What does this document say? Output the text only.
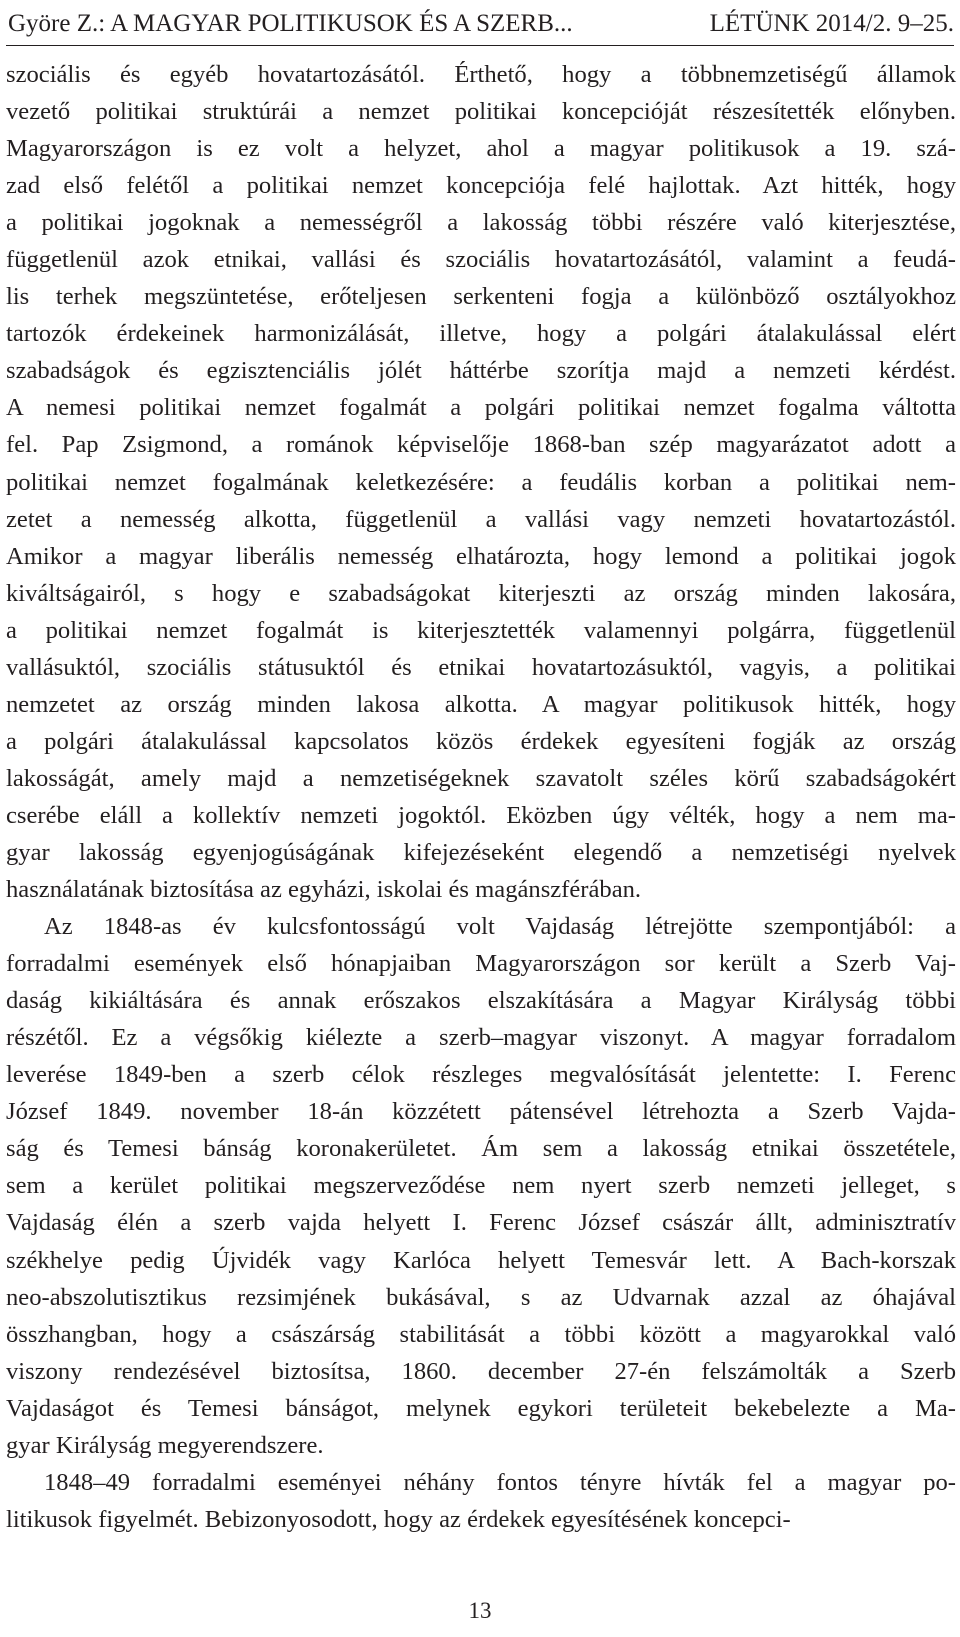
Györe Z.: A MAGYAR POLITIKUSOK ÉS A SZERB...	LÉTÜNK 2014/2. 9–25.
szociális és egyéb hovatartozásától. Érthető, hogy a többnemzetiségű államok
vezető politikai struktúrái a nemzet politikai koncepcióját részesítették előnyben.
Magyarországon is ez volt a helyzet, ahol a magyar politikusok a 19. szá-
zad első felétől a politikai nemzet koncepciója felé hajlottak. Azt hitték, hogy
a politikai jogoknak a nemességről a lakosság többi részére való kiterjesztése,
függetlenül azok etnikai, vallási és szociális hovatartozásától, valamint a feudá-
lis terhek megszüntetése, erőteljesen serkenteni fogja a különböző osztályokhoz
tartozók érdekeinek harmonizálását, illetve, hogy a polgári átalakulással elért
szabadságok és egzisztenciális jólét háttérbe szorítja majd a nemzeti kérdést.
A nemesi politikai nemzet fogalmát a polgári politikai nemzet fogalma váltotta
fel. Pap Zsigmond, a románok képviselője 1868-ban szép magyarázatot adott a
politikai nemzet fogalmának keletkezésére: a feudális korban a politikai nem-
zetet a nemesség alkotta, függetlenül a vallási vagy nemzeti hovatartozástól.
Amikor a magyar liberális nemesség elhatározta, hogy lemond a politikai jogok
kiváltságairól, s hogy e szabadságokat kiterjeszti az ország minden lakosára,
a politikai nemzet fogalmát is kiterjesztették valamennyi polgárra, függetlenül
vallásuktól, szociális státusuktól és etnikai hovatartozásuktól, vagyis, a politikai
nemzetet az ország minden lakosa alkotta. A magyar politikusok hitték, hogy
a polgári átalakulással kapcsolatos közös érdekek egyesíteni fogják az ország
lakosságát, amely majd a nemzetiségeknek szavatolt széles körű szabadságokért
cserébe eláll a kollektív nemzeti jogoktól. Eközben úgy vélték, hogy a nem ma-
gyar lakosság egyenjogúságának kifejezéseként elegendő a nemzetiségi nyelvek
használatának biztosítása az egyházi, iskolai és magánszférában.
Az 1848-as év kulcsfontosságú volt Vajdaság létrejötte szempontjából: a
forradalmi események első hónapjaiban Magyarországon sor került a Szerb Vaj-
daság kikiáltására és annak erőszakos elszakítására a Magyar Királyság többi
részétől. Ez a végsőkig kiélezte a szerb–magyar viszonyt. A magyar forradalom
leverése 1849-ben a szerb célok részleges megvalósítását jelentette: I. Ferenc
József 1849. november 18-án közzétett pátensével létrehozta a Szerb Vajda-
ság és Temesi bánság koronakerületet. Ám sem a lakosság etnikai összetétele,
sem a kerület politikai megszerveződése nem nyert szerb nemzeti jelleget, s
Vajdaság élén a szerb vajda helyett I. Ferenc József császár állt, adminisztratív
székhelye pedig Újvidék vagy Karlóca helyett Temesvár lett. A Bach-korszak
neo-abszolutisztikus rezsimjének bukásával, s az Udvarnak azzal az óhajával
összhangban, hogy a császárság stabilitását a többi között a magyarokkal való
viszony rendezésével biztosítsa, 1860. december 27-én felszámolták a Szerb
Vajdaságot és Temesi bánságot, melynek egykori területeit bekebelezte a Ma-
gyar Királyság megyerendszere.
1848–49 forradalmi eseményei néhány fontos tényre hívták fel a magyar po-
litikusok figyelmét. Bebizonyosodott, hogy az érdekek egyesítésének koncepci-
13
